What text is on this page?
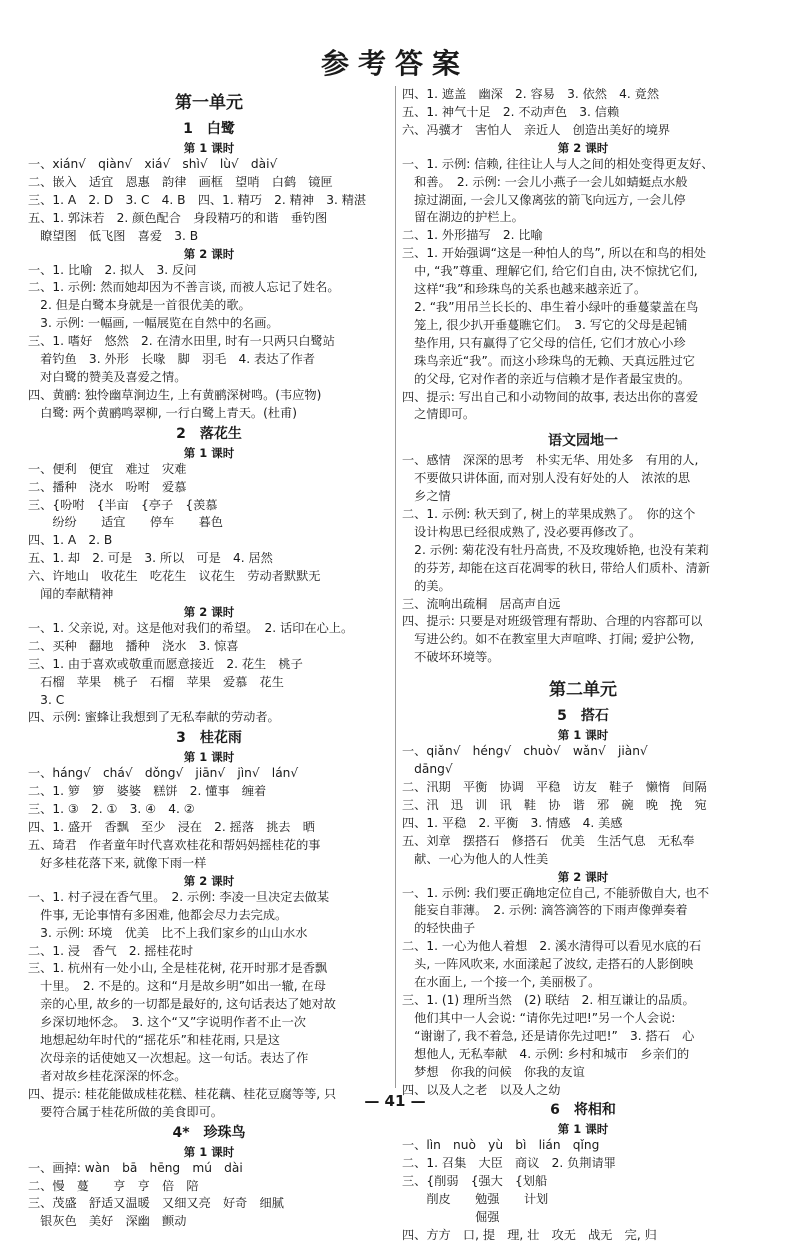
参考答案
第一单元
1　白鹭
第 1 课时
一、xián√　qiàn√　xiá√　shì√　lù√　dài√
二、嵌入　适宜　恩惠　韵律　画框　望哨　白鹤　镜匣
三、1. A　2. D　3. C　4. B　四、1. 精巧　2. 精神　3. 精湛
五、1. 郭沫若　2. 颜色配合　身段精巧的和谐　垂钓图
　瞭望图　低飞图　喜爱　3. B
第 2 课时
一、1. 比喻　2. 拟人　3. 反问
二、1. 示例: 然而她却因为不善言谈, 而被人忘记了姓名。
　2. 但是白鹭本身就是一首很优美的歌。
　3. 示例: 一幅画, 一幅展览在自然中的名画。
三、1. 嗜好　悠然　2. 在清水田里, 时有一只两只白鹭站
　着钓鱼　3. 外形　长喙　脚　羽毛　4. 表达了作者
　对白鹭的赞美及喜爱之情。
四、黄鹂: 独怜幽草涧边生, 上有黄鹂深树鸣。(韦应物)
　白鹭: 两个黄鹂鸣翠柳, 一行白鹭上青天。(杜甫)
2　落花生
第 1 课时
一、便利　便宜　难过　灾难
二、播种　浇水　吩咐　爱慕
三、{吩咐　{半亩　{亭子　{羡慕
　　纷纷　　适宜　　停车　　暮色
四、1. A　2. B
五、1. 却　2. 可是　3. 所以　可是　4. 居然
六、许地山　收花生　吃花生　议花生　劳动者默默无
　闻的奉献精神
第 2 课时
一、1. 父亲说, 对。这是他对我们的希望。　2. 话印在心上。
二、买种　翻地　播种　浇水　3. 惊喜
三、1. 由于喜欢或敬重而愿意接近　2. 花生　桃子
　石榴　苹果　桃子　石榴　苹果　爱慕　花生
　3. C
四、示例: 蜜蜂让我想到了无私奉献的劳动者。
3　桂花雨
第 1 课时
一、háng√　chá√　dǒng√　jiān√　jìn√　lán√
二、1. 箩　箩　婆婆　糕饼　2. 懂事　缠着
三、1. ③　2. ①　3. ④　4. ②
四、1. 盛开　香飘　至少　浸在　2. 摇落　挑去　晒
五、琦君　作者童年时代喜欢桂花和帮妈妈摇桂花的事
　好多桂花落下来, 就像下雨一样
第 2 课时
一、1. 村子浸在香气里。　2. 示例: 李凌一旦决定去做某
　件事, 无论事情有多困难, 他都会尽力去完成。
　3. 示例: 环境　优美　比不上我们家乡的山山水水
二、1. 浸　香气　2. 摇桂花时
三、1. 杭州有一处小山, 全是桂花树, 花开时那才是香飘
　十里。　2. 不是的。这和“月是故乡明”如出一辙, 在母
　亲的心里, 故乡的一切都是最好的, 这句话表达了她对故
　乡深切地怀念。　3. 这个“又”字说明作者不止一次
　地想起幼年时代的“摇花乐”和桂花雨, 只是这
　次母亲的话使她又一次想起。这一句话。表达了作
　者对故乡桂花深深的怀念。
四、提示: 桂花能做成桂花糕、桂花藕、桂花豆腐等等, 只
　要符合属于桂花所做的美食即可。
4*　珍珠鸟
第 1 课时
一、画掉: wàn　bā　hēng　mú　dài
二、慢　蔓　　亨　亨　倍　陪
三、茂盛　舒适又温暖　又细又亮　好奇　细腻
　银灰色　美好　深幽　颤动
四、1. 遮盖　幽深　2. 容易　3. 依然　4. 竟然
五、1. 神气十足　2. 不动声色　3. 信赖
六、冯骥才　害怕人　亲近人　创造出美好的境界
第 2 课时
一、1. 示例: 信赖, 往往让人与人之间的相处变得更友好、
　和善。　2. 示例: 一会儿小燕子一会儿如蜻蜓点水般
　掠过湖面, 一会儿又像离弦的箭飞向远方, 一会儿停
　留在湖边的护栏上。
二、1. 外形描写　2. 比喻
三、1. 开始强调“这是一种怕人的鸟”, 所以在和鸟的相处
　中, “我”尊重、理解它们, 给它们自由, 决不惊扰它们,
　这样“我”和珍珠鸟的关系也越来越亲近了。
　2. “我”用吊兰长长的、串生着小绿叶的垂蔓蒙盖在鸟
　笼上, 很少扒开垂蔓瞧它们。　3. 写它的父母是起铺
　垫作用, 只有赢得了它父母的信任, 它们才放心小珍
　珠鸟亲近“我”。而这小珍珠鸟的无赖、天真远胜过它
　的父母, 它对作者的亲近与信赖才是作者最宝贵的。
四、提示: 写出自己和小动物间的故事, 表达出你的喜爱
　之情即可。
语文园地一
一、感情　深深的思考　朴实无华、用处多　有用的人,
　不要做只讲体面, 而对别人没有好处的人　浓浓的思
　乡之情
二、1. 示例: 秋天到了, 树上的苹果成熟了。　你的这个
　设计构思已经很成熟了, 没必要再修改了。
　2. 示例: 菊花没有牡丹高贵, 不及玫瑰娇艳, 也没有茉莉
　的芬芳, 却能在这百花凋零的秋日, 带给人们质朴、清新
　的美。
三、流响出疏桐　居高声自远
四、提示: 只要是对班级管理有帮助、合理的内容都可以
　写进公约。如不在教室里大声喧哗、打闹; 爱护公物,
　不破坏环境等。
第二单元
5　搭石
第 1 课时
一、qiǎn√　héng√　chuò√　wǎn√　jiàn√
　dāng√
二、汛期　平衡　协调　平稳　访友　鞋子　懒惰　间隔
三、汛　迅　训　讯　鞋　协　谐　邪　碗　晚　挽　宛
四、1. 平稳　2. 平衡　3. 情感　4. 美感
五、刘章　摆搭石　修搭石　优美　生活气息　无私奉
　献、一心为他人的人性美
第 2 课时
一、1. 示例: 我们要正确地定位自己, 不能骄傲自大, 也不
　能妄自菲薄。　2. 示例: 滴答滴答的下雨声像弹奏着
　的轻快曲子
二、1. 一心为他人着想　2. 溪水清得可以看见水底的石
　头, 一阵风吹来, 水面漾起了波纹, 走搭石的人影倒映
　在水面上, 一个接一个, 美丽极了。
三、1. (1) 理所当然　(2) 联结　2. 相互谦让的品质。
　他们其中一人会说: “请你先过吧!”另一个人会说:
　“谢谢了, 我不着急, 还是请你先过吧!”　3. 搭石　心
　想他人, 无私奉献　4. 示例: 乡村和城市　乡亲们的
　梦想　你我的问候　你我的友谊
四、以及人之老　以及人之幼
6　将相和
第 1 课时
一、lìn　nuò　yù　bì　lián　qǐng
二、1. 召集　大臣　商议　2. 负荆请罪
三、{削弱　{强大　{划船
　　削皮　　勉强　　计划
　　　　　　倔强
四、方方　口, 提　理, 壮　攻无　战无　完, 归
— 41 —
